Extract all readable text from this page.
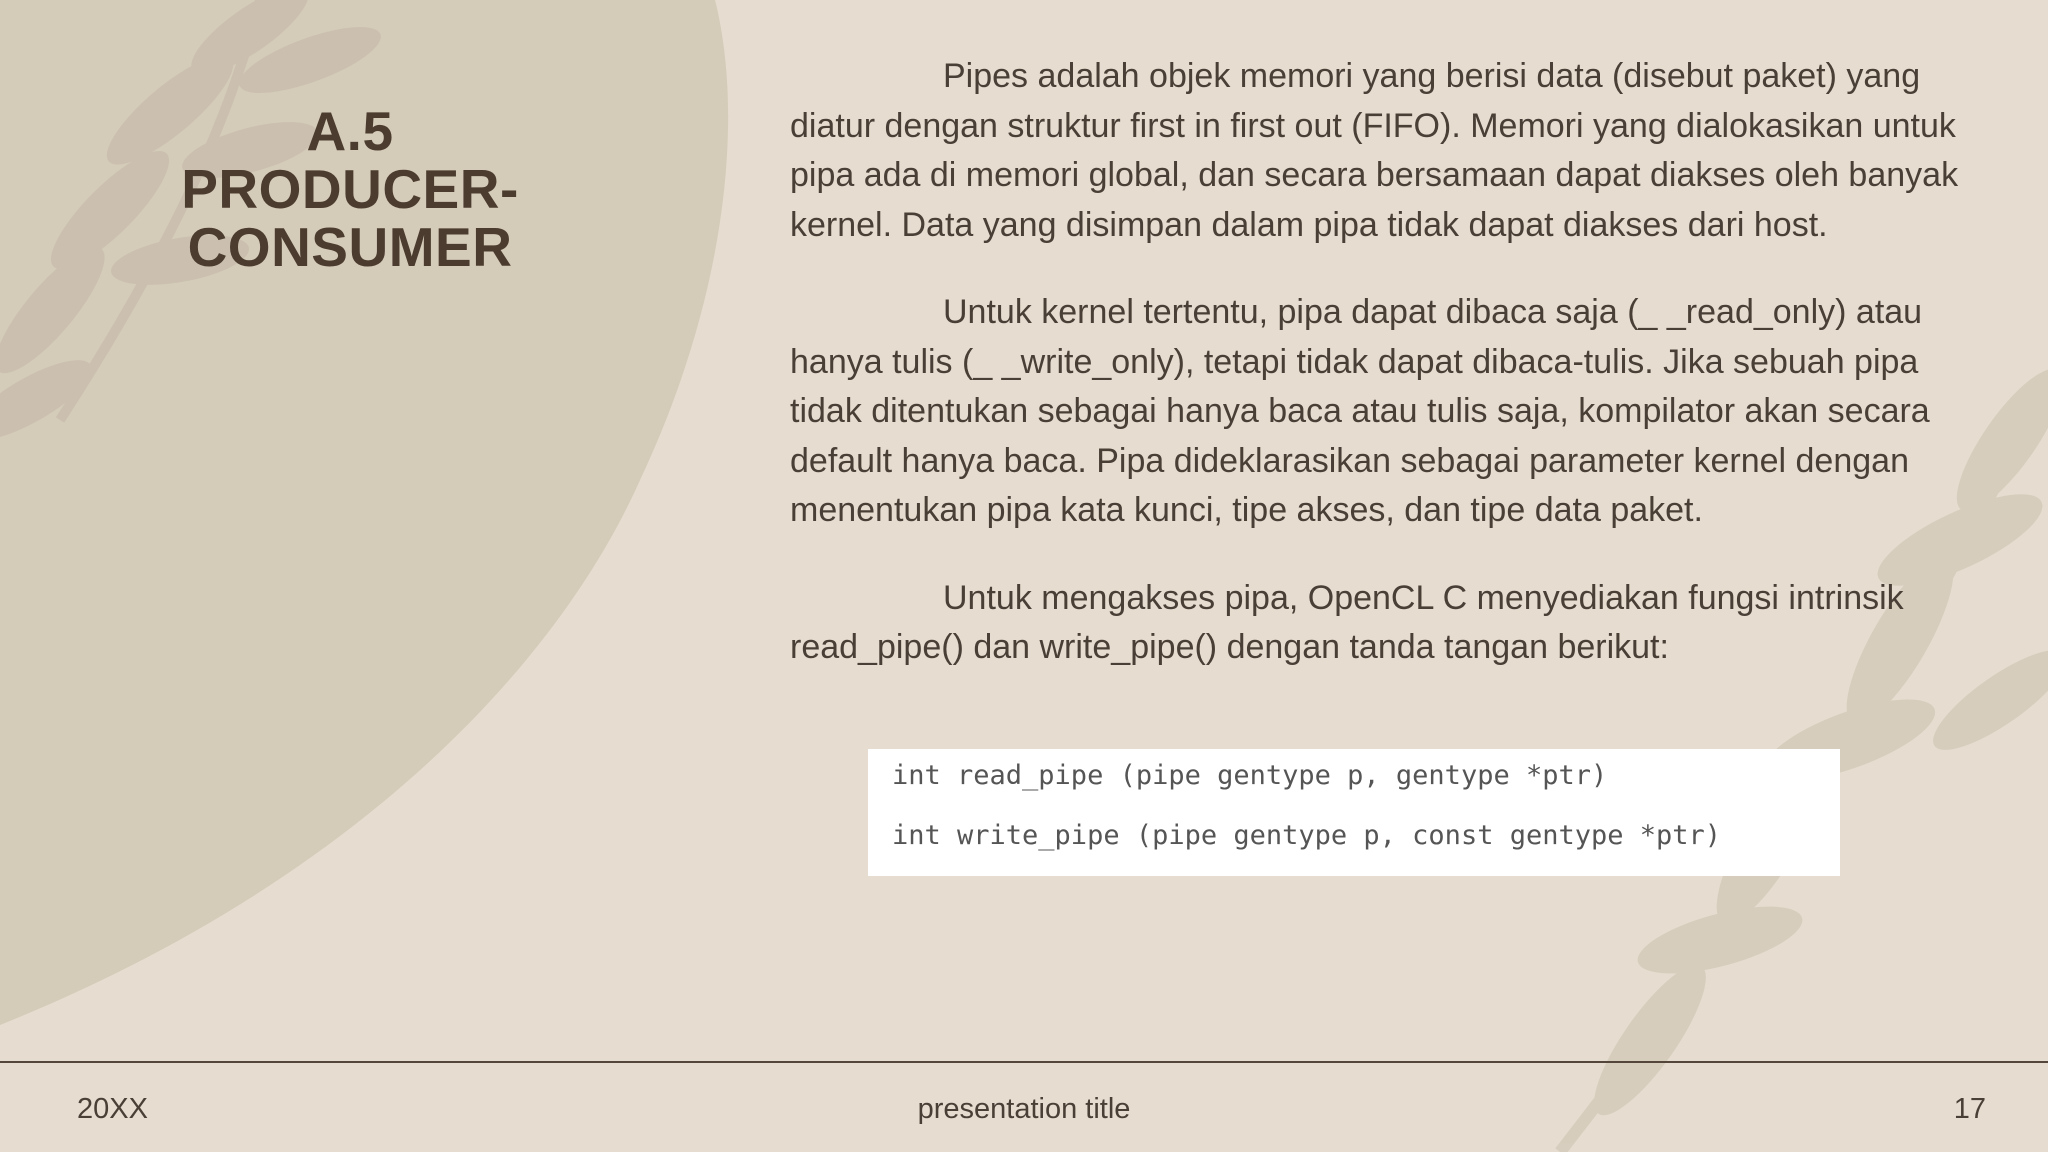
A.5
PRODUCER-CONSUMER

Pipes adalah objek memori yang berisi data (disebut paket) yang diatur dengan struktur first in first out (FIFO). Memori yang dialokasikan untuk pipa ada di memori global, dan secara bersamaan dapat diakses oleh banyak kernel. Data yang disimpan dalam pipa tidak dapat diakses dari host.

Untuk kernel tertentu, pipa dapat dibaca saja (_ _read_only) atau hanya tulis (_ _write_only), tetapi tidak dapat dibaca-tulis. Jika sebuah pipa tidak ditentukan sebagai hanya baca atau tulis saja, kompilator akan secara default hanya baca. Pipa dideklarasikan sebagai parameter kernel dengan menentukan pipa kata kunci, tipe akses, dan tipe data paket.

Untuk mengakses pipa, OpenCL C menyediakan fungsi intrinsik read_pipe() dan write_pipe() dengan tanda tangan berikut:

int read_pipe (pipe gentype p, gentype *ptr)
int write_pipe (pipe gentype p, const gentype *ptr)
20XX	presentation title	17
